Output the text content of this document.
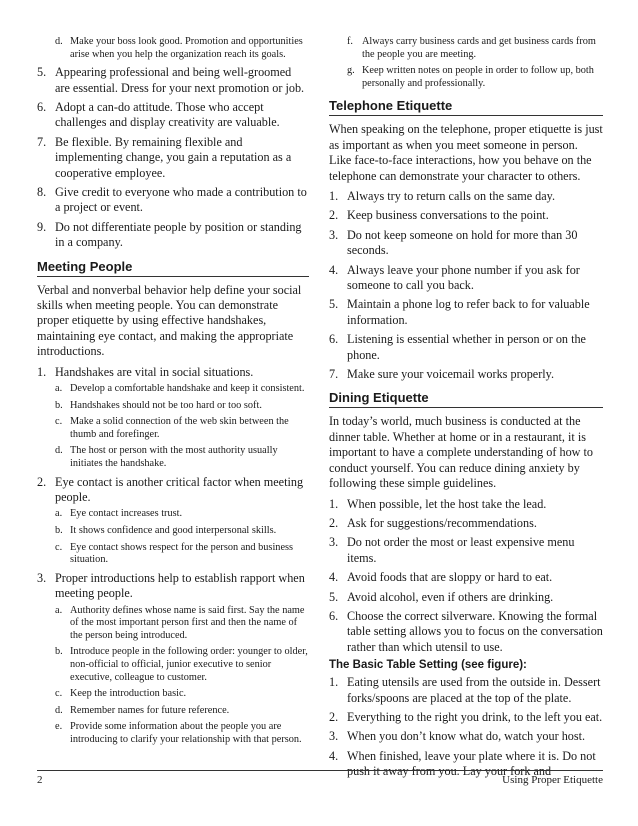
d. Make your boss look good. Promotion and opportunities arise when you help the organization reach its goals.
5. Appearing professional and being well-groomed are essential. Dress for your next promotion or job.
6. Adopt a can-do attitude. Those who accept challenges and display creativity are valuable.
7. Be flexible. By remaining flexible and implementing change, you gain a reputation as a cooperative employee.
8. Give credit to everyone who made a contribution to a project or event.
9. Do not differentiate people by position or standing in a company.
Meeting People

Verbal and nonverbal behavior help define your social skills when meeting people. You can demonstrate proper etiquette by using effective handshakes, maintaining eye contact, and making the appropriate introductions.

1. Handshakes are vital in social situations.
a. Develop a comfortable handshake and keep it consistent.
b. Handshakes should not be too hard or too soft.
c. Make a solid connection of the web skin between the thumb and forefinger.
d. The host or person with the most authority usually initiates the handshake.
2. Eye contact is another critical factor when meeting people.
a. Eye contact increases trust.
b. It shows confidence and good interpersonal skills.
c. Eye contact shows respect for the person and business situation.
3. Proper introductions help to establish rapport when meeting people.
a. Authority defines whose name is said first. Say the name of the most important person first and then the name of the person being introduced.
b. Introduce people in the following order: younger to older, non-official to official, junior executive to senior executive, colleague to customer.
c. Keep the introduction basic.
d. Remember names for future reference.
e. Provide some information about the people you are introducing to clarify your relationship with that person.
f. Always carry business cards and get business cards from the people you are meeting.
g. Keep written notes on people in order to follow up, both personally and professionally.
Telephone Etiquette

When speaking on the telephone, proper etiquette is just as important as when you meet someone in person. Like face-to-face interactions, how you behave on the telephone can demonstrate your character to others.

1. Always try to return calls on the same day.
2. Keep business conversations to the point.
3. Do not keep someone on hold for more than 30 seconds.
4. Always leave your phone number if you ask for someone to call you back.
5. Maintain a phone log to refer back to for valuable information.
6. Listening is essential whether in person or on the phone.
7. Make sure your voicemail works properly.
Dining Etiquette

In today’s world, much business is conducted at the dinner table. Whether at home or in a restaurant, it is important to have a complete understanding of how to conduct yourself. You can reduce dining anxiety by following these simple guidelines.

1. When possible, let the host take the lead.
2. Ask for suggestions/recommendations.
3. Do not order the most or least expensive menu items.
4. Avoid foods that are sloppy or hard to eat.
5. Avoid alcohol, even if others are drinking.
6. Choose the correct silverware. Knowing the formal table setting allows you to focus on the conversation rather than which utensil to use.
The Basic Table Setting (see figure):
1. Eating utensils are used from the outside in. Dessert forks/spoons are placed at the top of the plate.
2. Everything to the right you drink, to the left you eat.
3. When you don’t know what do, watch your host.
4. When finished, leave your plate where it is. Do not push it away from you. Lay your fork and
2	Using Proper Etiquette
